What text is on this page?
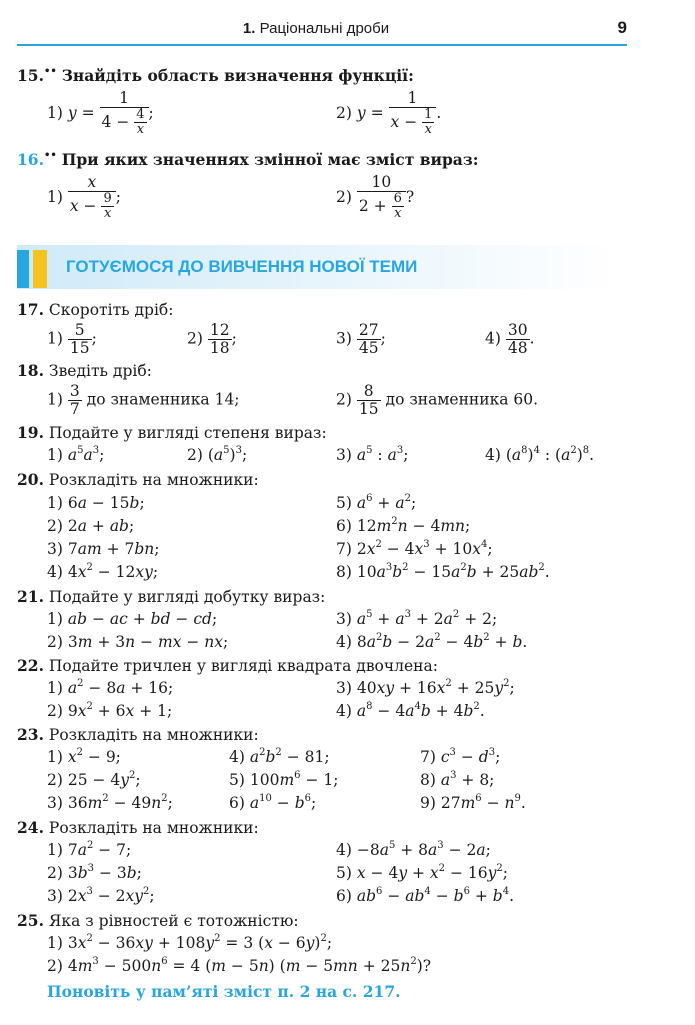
1. Раціональні дроби	9
15.•• Знайдіть область визначення функції:
1) $y = \frac{1}{4 - \frac{4}{x}}$ ;	2) $y = \frac{1}{x - \frac{1}{x}}$ .
16.•• При яких значеннях змінної має зміст вираз:
$1) \frac{x}{x - \frac{9}{x}}$ ;	$2) \frac{10}{2 + \frac{6}{x}}$ ?
ГОТУЄМОСЯ ДО ВИВЧЕННЯ НОВОЇ ТЕМИ
17. Скоротіть дріб:
$1) \frac{5}{15}$ ;	$2) \frac{12}{18}$ ;	$3) \frac{27}{45}$ ;	$4) \frac{30}{48}$ .
18. Зведіть дріб:
$1) \frac{3}{7}$ до знаменника 14;	$2) \frac{8}{15}$ до знаменника 60.
19. Подайте у вигляді степеня вираз:
1) $a^5a^3$;	2) $(a^5)^3$;	3) $a^5$ : $a^3$;	4) $(a^8)^4$ : $(a^2)^8$.
20. Розкладіть на множники:
1) 6a − 15b;
2) 2a + ab;
3) 7am + 7bn;
4) $4x^2 - 12xy$;
5) $a^6 + a^2$;
6) $12m^2n - 4mn$;
7) $2x^2 - 4x^3 + 10x^4$;
8) $10a^3b^2 - 15a^2b + 25ab^2$.
21. Подайте у вигляді добутку вираз:
1) ab − ac + bd − cd;
2) 3m + 3n − mx − nx;
3) $a^5 + a^3 + 2a^2 + 2$;
4) $8a^2b - 2a^2 - 4b^2 + b$.
22. Подайте тричлен у вигляді квадрата двочлена:
1) $a^2 - 8a + 16$;
2) $9x^2 + 6x + 1$;
3) $40xy + 16x^2 + 25y^2$;
4) $a^8 - 4a^4b + 4b^2$.
23. Розкладіть на множники:
1) $x^2 - 9$;
2) $25 - 4y^2$;
3) $36m^2 - 49n^2$;
4) $a^2b^2 - 81$;
5) $100m^6 - 1$;
6) $a^{10} - b^6$;
7) $c^3 - d^3$;
8) $a^3 + 8$;
9) $27m^6 - n^9$.
24. Розкладіть на множники:
1) $7a^2 - 7$;
2) $3b^3 - 3b$;
3) $2x^3 - 2xy^2$;
$4) -8a^5 + 8a^3 - 2a$;
5) $x - 4y + x^2 - 16y^2$;
6) $ab^6 - ab^4 - b^6 + b^4$.
25. Яка з рівностей є тотожністю:
1) $3x^2 - 36xy + 108y^2 = 3$ $(x - 6y)^2$;
2) $4m^3 - 500n^6 = 4$ (m − 5n) $(m - 5mn + 25n^2)$?
Поновіть у пам’яті зміст п. 2 на с. 217.
